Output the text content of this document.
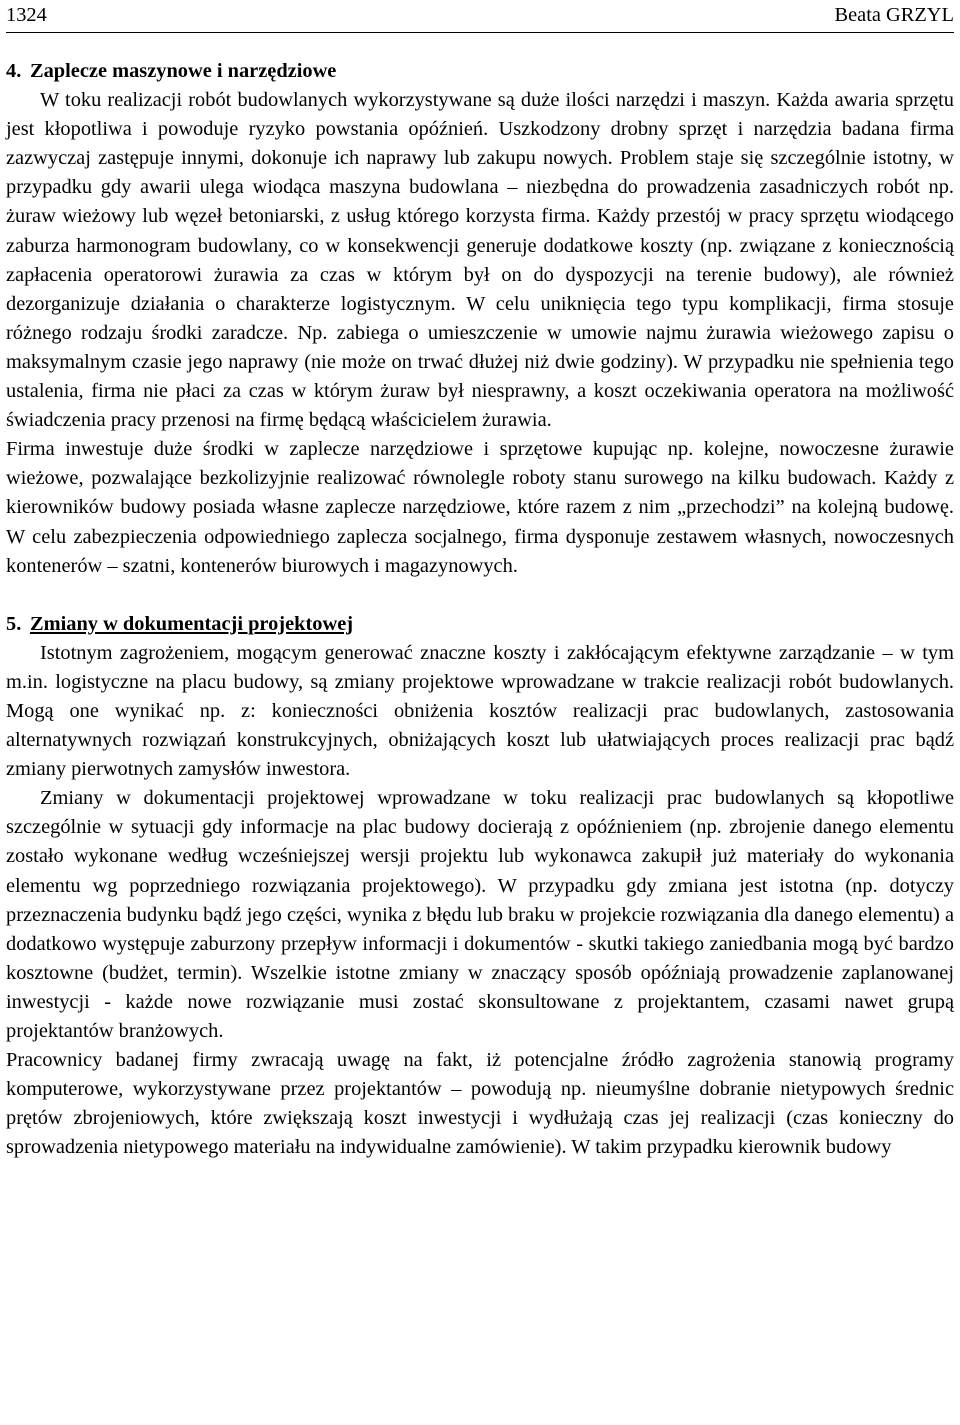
1324	Beata GRZYL
4. Zaplecze maszynowe i narzędziowe

W toku realizacji robót budowlanych wykorzystywane są duże ilości narzędzi i maszyn. Każda awaria sprzętu jest kłopotliwa i powoduje ryzyko powstania opóźnień. Uszkodzony drobny sprzęt i narzędzia badana firma zazwyczaj zastępuje innymi, dokonuje ich naprawy lub zakupu nowych. Problem staje się szczególnie istotny, w przypadku gdy awarii ulega wiodąca maszyna budowlana – niezbędna do prowadzenia zasadniczych robót np. żuraw wieżowy lub węzeł betoniarski, z usług którego korzysta firma. Każdy przestój w pracy sprzętu wiodącego zaburza harmonogram budowlany, co w konsekwencji generuje dodatkowe koszty (np. związane z koniecznością zapłacenia operatorowi żurawia za czas w którym był on do dyspozycji na terenie budowy), ale również dezorganizuje działania o charakterze logistycznym. W celu uniknięcia tego typu komplikacji, firma stosuje różnego rodzaju środki zaradcze. Np. zabiega o umieszczenie w umowie najmu żurawia wieżowego zapisu o maksymalnym czasie jego naprawy (nie może on trwać dłużej niż dwie godziny). W przypadku nie spełnienia tego ustalenia, firma nie płaci za czas w którym żuraw był niesprawny, a koszt oczekiwania operatora na możliwość świadczenia pracy przenosi na firmę będącą właścicielem żurawia.

Firma inwestuje duże środki w zaplecze narzędziowe i sprzętowe kupując np. kolejne, nowoczesne żurawie wieżowe, pozwalające bezkolizyjnie realizować równolegle roboty stanu surowego na kilku budowach. Każdy z kierowników budowy posiada własne zaplecze narzędziowe, które razem z nim „przechodzi” na kolejną budowę. W celu zabezpieczenia odpowiedniego zaplecza socjalnego, firma dysponuje zestawem własnych, nowoczesnych kontenerów – szatni, kontenerów biurowych i magazynowych.

5. Zmiany w dokumentacji projektowej

Istotnym zagrożeniem, mogącym generować znaczne koszty i zakłócającym efektywne zarządzanie – w tym m.in. logistyczne na placu budowy, są zmiany projektowe wprowadzane w trakcie realizacji robót budowlanych. Mogą one wynikać np. z: konieczności obniżenia kosztów realizacji prac budowlanych, zastosowania alternatywnych rozwiązań konstrukcyjnych, obniżających koszt lub ułatwiających proces realizacji prac bądź zmiany pierwotnych zamysłów inwestora.

Zmiany w dokumentacji projektowej wprowadzane w toku realizacji prac budowlanych są kłopotliwe szczególnie w sytuacji gdy informacje na plac budowy docierają z opóźnieniem (np. zbrojenie danego elementu zostało wykonane według wcześniejszej wersji projektu lub wykonawca zakupił już materiały do wykonania elementu wg poprzedniego rozwiązania projektowego). W przypadku gdy zmiana jest istotna (np. dotyczy przeznaczenia budynku bądź jego części, wynika z błędu lub braku w projekcie rozwiązania dla danego elementu) a dodatkowo występuje zaburzony przepływ informacji i dokumentów - skutki takiego zaniedbania mogą być bardzo kosztowne (budżet, termin). Wszelkie istotne zmiany w znaczący sposób opóźniają prowadzenie zaplanowanej inwestycji - każde nowe rozwiązanie musi zostać skonsultowane z projektantem, czasami nawet grupą projektantów branżowych.

Pracownicy badanej firmy zwracają uwagę na fakt, iż potencjalne źródło zagrożenia stanowią programy komputerowe, wykorzystywane przez projektantów – powodują np. nieumyślne dobranie nietypowych średnic prętów zbrojeniowych, które zwiększają koszt inwestycji i wydłużają czas jej realizacji (czas konieczny do sprowadzenia nietypowego materiału na indywidualne zamówienie). W takim przypadku kierownik budowy
